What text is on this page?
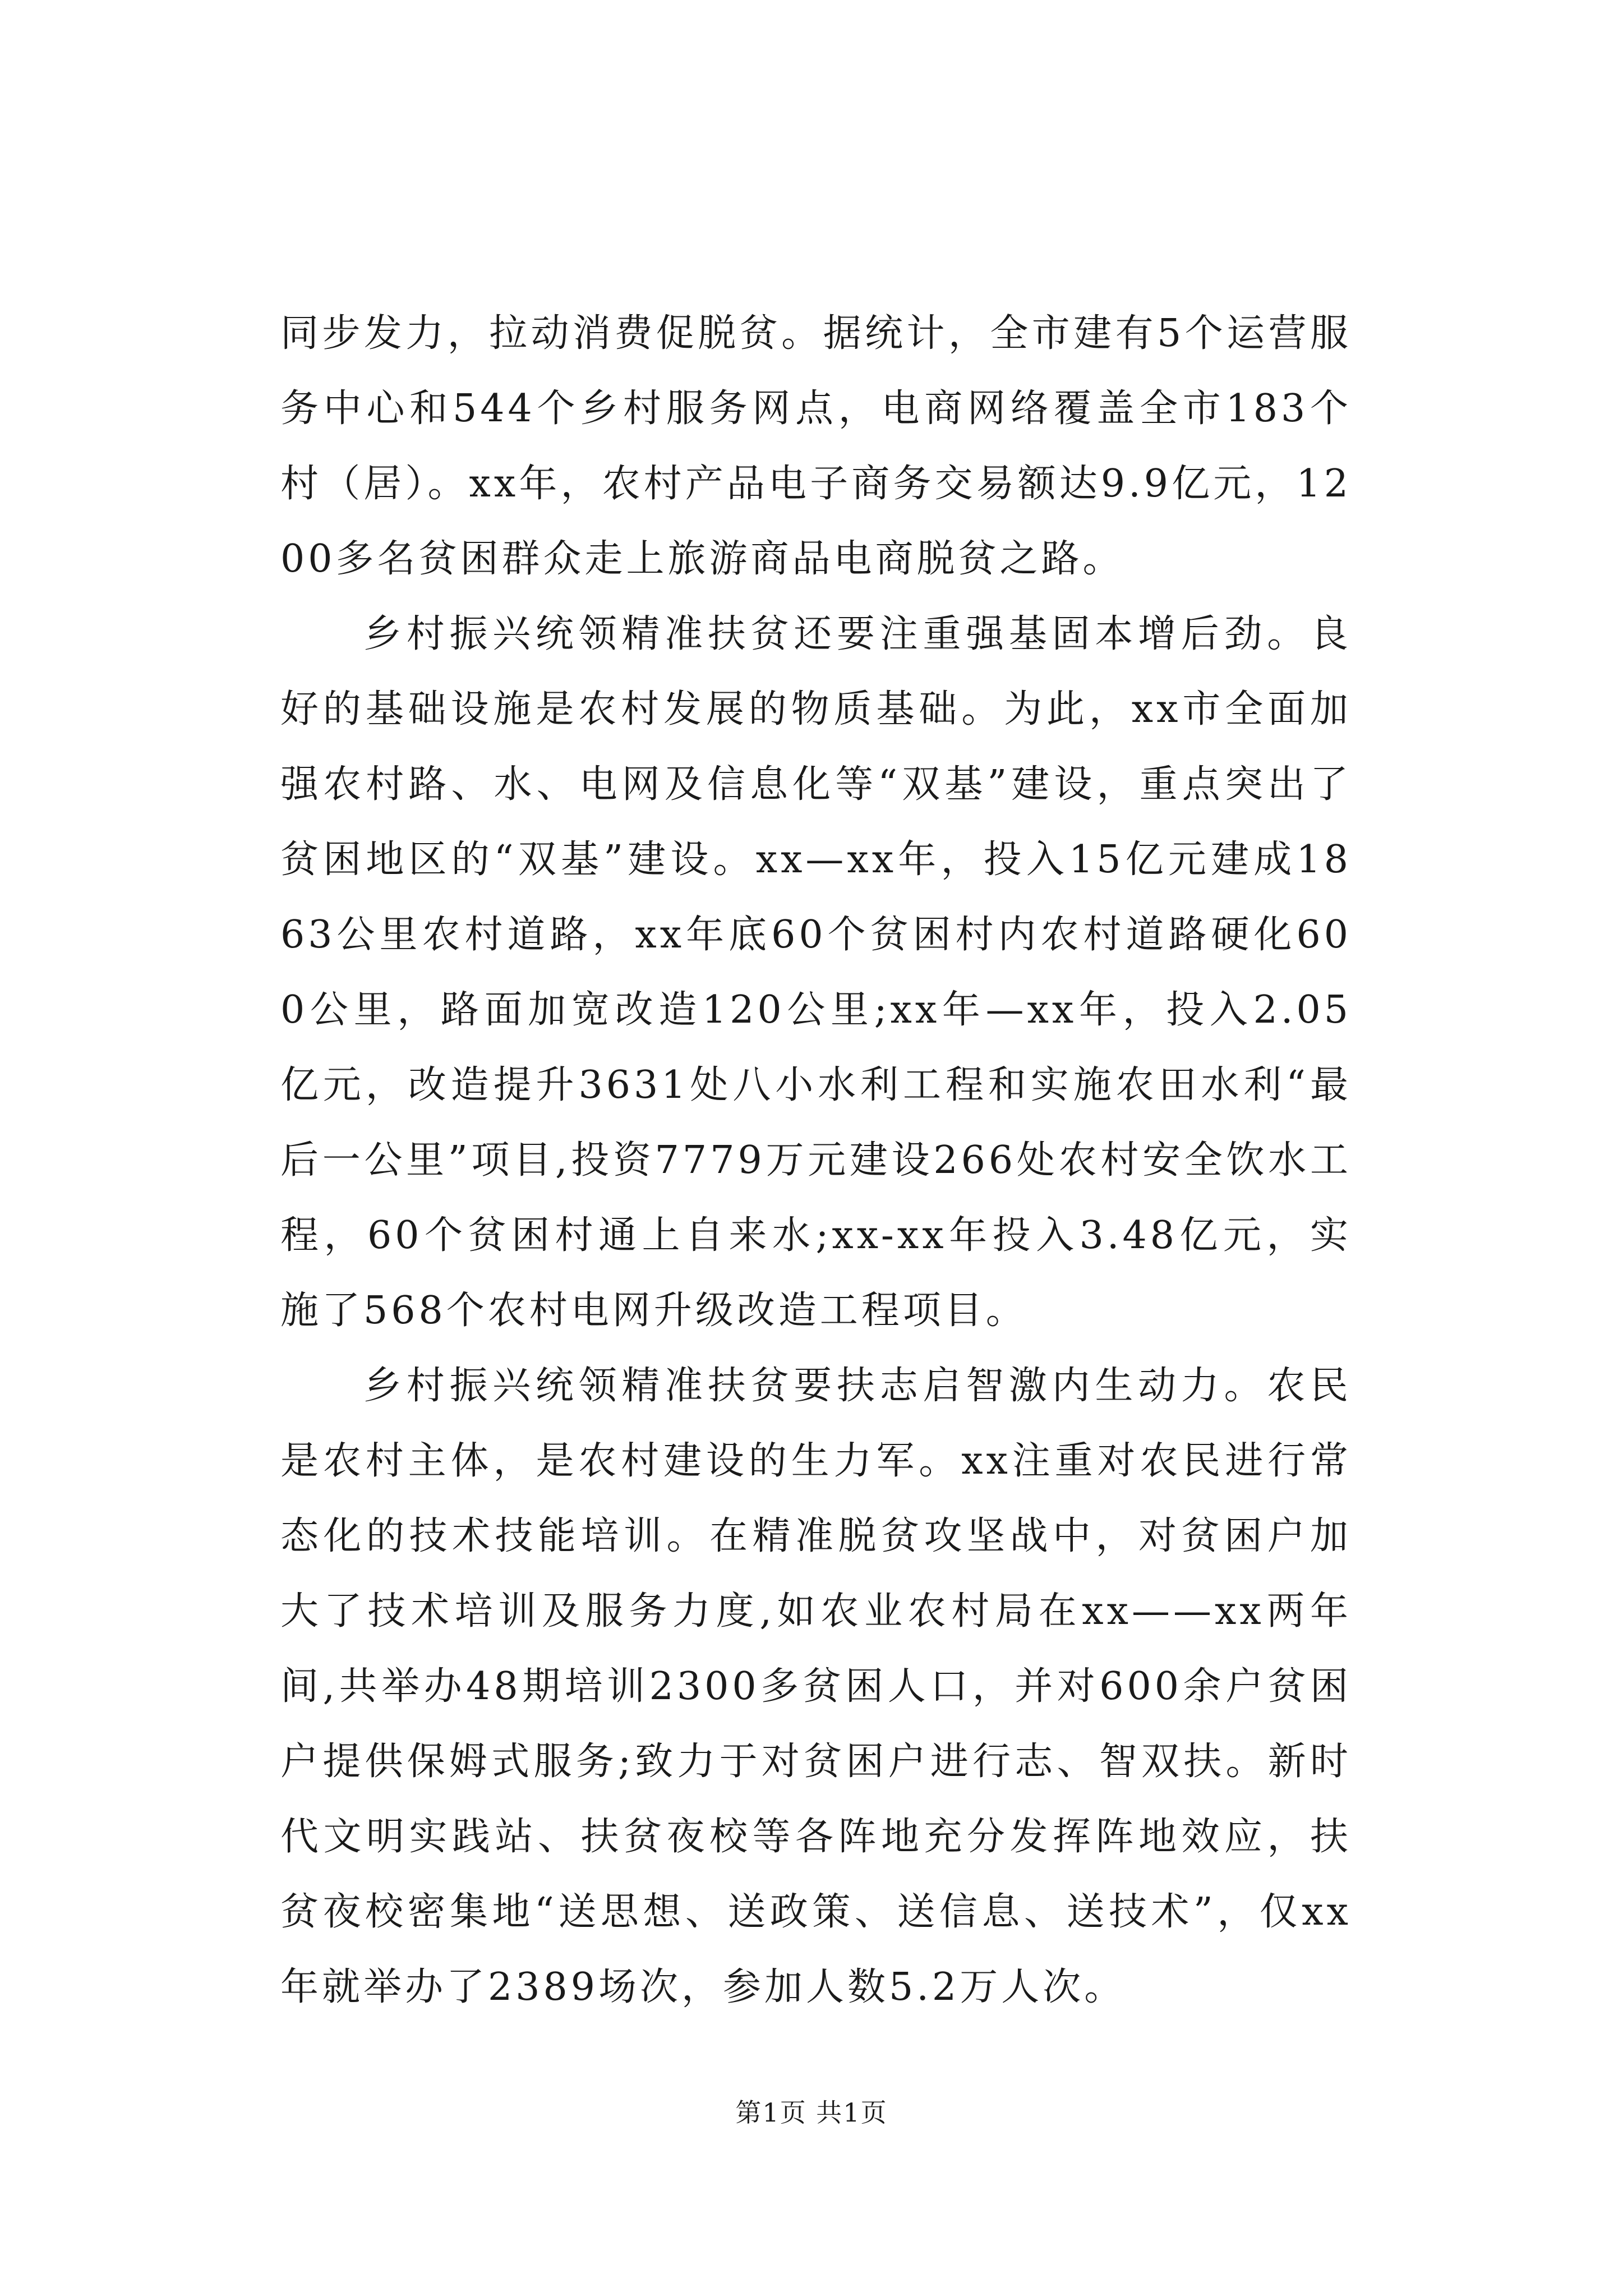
同步发力，拉动消费促脱贫。据统计，全市建有5个运营服务中心和544个乡村服务网点，电商网络覆盖全市183个村（居）。xx年，农村产品电子商务交易额达9.9亿元，1200多名贫困群众走上旅游商品电商脱贫之路。

乡村振兴统领精准扶贫还要注重强基固本增后劲。良好的基础设施是农村发展的物质基础。为此，xx市全面加强农村路、水、电网及信息化等“双基”建设，重点突出了贫困地区的“双基”建设。xx—xx年，投入15亿元建成1863公里农村道路，xx年底60个贫困村内农村道路硬化600公里，路面加宽改造120公里;xx年—xx年，投入2.05亿元，改造提升3631处八小水利工程和实施农田水利“最后一公里”项目,投资7779万元建设266处农村安全饮水工程，60个贫困村通上自来水;xx-xx年投入3.48亿元，实施了568个农村电网升级改造工程项目。

乡村振兴统领精准扶贫要扶志启智激内生动力。农民是农村主体，是农村建设的生力军。xx注重对农民进行常态化的技术技能培训。在精准脱贫攻坚战中，对贫困户加大了技术培训及服务力度,如农业农村局在xx——xx两年间,共举办48期培训2300多贫困人口，并对600余户贫困户提供保姆式服务;致力于对贫困户进行志、智双扶。新时代文明实践站、扶贫夜校等各阵地充分发挥阵地效应，扶贫夜校密集地“送思想、送政策、送信息、送技术”，仅xx年就举办了2389场次，参加人数5.2万人次。

第1页 共1页
